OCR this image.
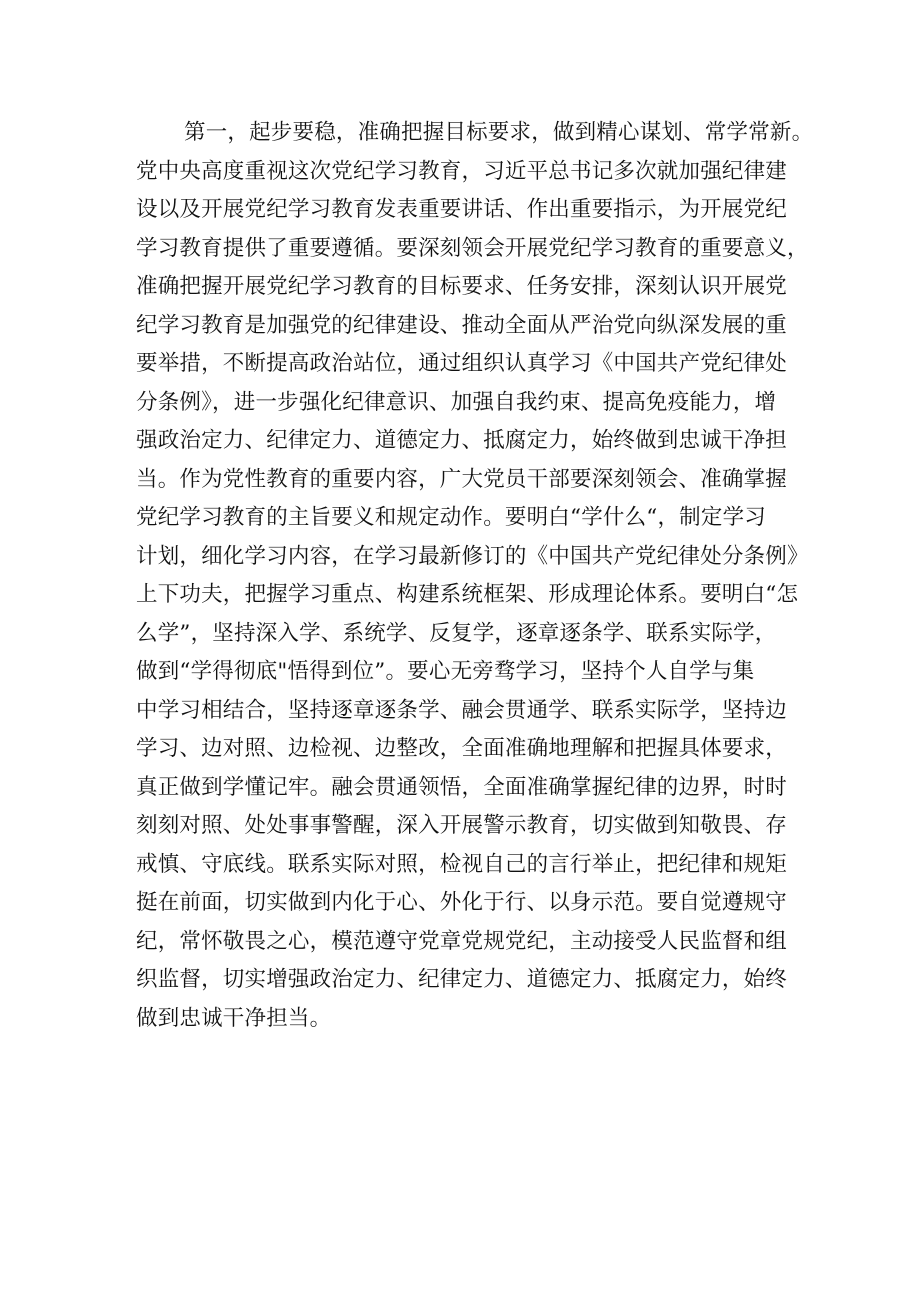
第一，起步要稳，准确把握目标要求，做到精心谋划、常学常新。
党中央高度重视这次党纪学习教育，习近平总书记多次就加强纪律建
设以及开展党纪学习教育发表重要讲话、作出重要指示，为开展党纪
学习教育提供了重要遵循。要深刻领会开展党纪学习教育的重要意义，
准确把握开展党纪学习教育的目标要求、任务安排，深刻认识开展党
纪学习教育是加强党的纪律建设、推动全面从严治党向纵深发展的重
要举措，不断提高政治站位，通过组织认真学习《中国共产党纪律处
分条例》，进一步强化纪律意识、加强自我约束、提高免疫能力，增
强政治定力、纪律定力、道德定力、抵腐定力，始终做到忠诚干净担
当。作为党性教育的重要内容，广大党员干部要深刻领会、准确掌握
党纪学习教育的主旨要义和规定动作。要明白“学什么“，制定学习
计划，细化学习内容，在学习最新修订的《中国共产党纪律处分条例》
上下功夫，把握学习重点、构建系统框架、形成理论体系。要明白“怎
么学”，坚持深入学、系统学、反复学，逐章逐条学、联系实际学，
做到“学得彻底"悟得到位”。要心无旁骛学习，坚持个人自学与集
中学习相结合，坚持逐章逐条学、融会贯通学、联系实际学，坚持边
学习、边对照、边检视、边整改，全面准确地理解和把握具体要求，
真正做到学懂记牢。融会贯通领悟，全面准确掌握纪律的边界，时时
刻刻对照、处处事事警醒，深入开展警示教育，切实做到知敬畏、存
戒慎、守底线。联系实际对照，检视自己的言行举止，把纪律和规矩
挺在前面，切实做到内化于心、外化于行、以身示范。要自觉遵规守
纪，常怀敬畏之心，模范遵守党章党规党纪，主动接受人民监督和组
织监督，切实增强政治定力、纪律定力、道德定力、抵腐定力，始终
做到忠诚干净担当。
